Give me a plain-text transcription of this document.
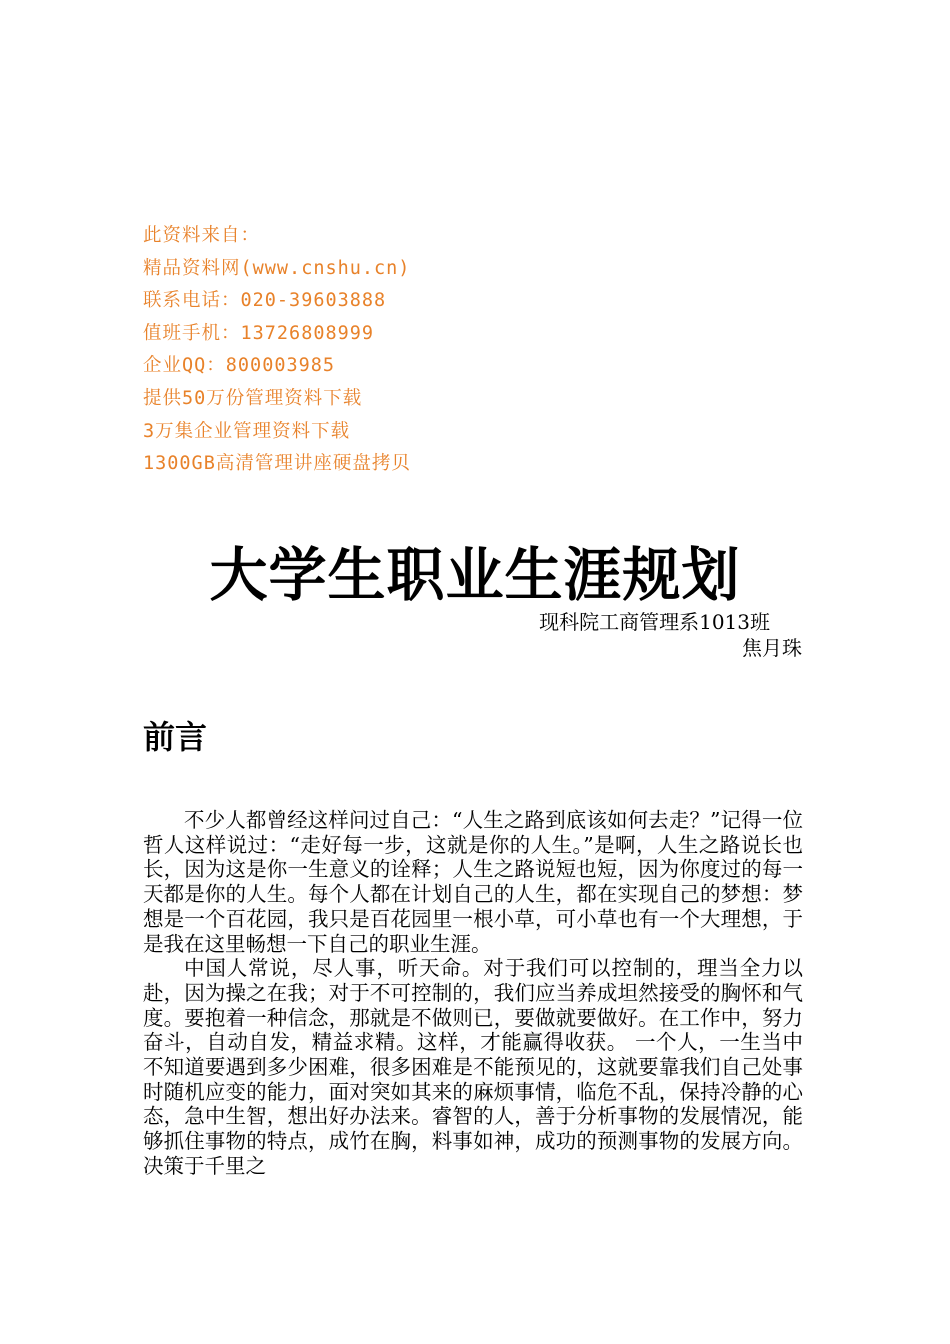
此资料来自：
精品资料网(www.cnshu.cn)
联系电话：020-39603888
值班手机：13726808999
企业QQ：800003985
提供50万份管理资料下载
3万集企业管理资料下载
1300GB高清管理讲座硬盘拷贝
大学生职业生涯规划
现科院工商管理系1013班
焦月珠
前言

不少人都曾经这样问过自己：“人生之路到底该如何去走？”记得一位哲人这样说过：“走好每一步，这就是你的人生。”是啊，人生之路说长也长，因为这是你一生意义的诠释；人生之路说短也短，因为你度过的每一天都是你的人生。每个人都在计划自己的人生，都在实现自己的梦想：梦想是一个百花园，我只是百花园里一根小草，可小草也有一个大理想，于是我在这里畅想一下自己的职业生涯。

中国人常说，尽人事，听天命。对于我们可以控制的，理当全力以赴，因为操之在我；对于不可控制的，我们应当养成坦然接受的胸怀和气度。要抱着一种信念，那就是不做则已，要做就要做好。在工作中，努力奋斗，自动自发，精益求精。这样，才能赢得收获。 一个人，一生当中不知道要遇到多少困难，很多困难是不能预见的，这就要靠我们自己处事时随机应变的能力，面对突如其来的麻烦事情，临危不乱，保持冷静的心态，急中生智，想出好办法来。睿智的人，善于分析事物的发展情况，能够抓住事物的特点，成竹在胸，料事如神，成功的预测事物的发展方向。决策于千里之
